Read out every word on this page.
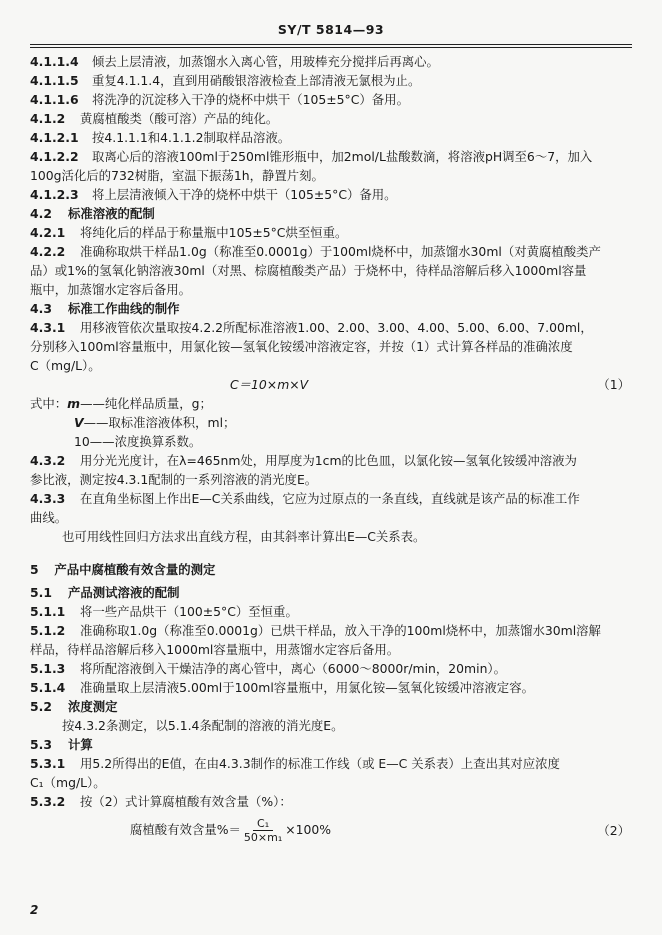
SY/T 5814—93
4.1.1.4 倾去上层清液，加蒸馏水入离心管，用玻棒充分搅拌后再离心。
4.1.1.5 重复4.1.1.4，直到用硝酸银溶液检查上部清液无氯根为止。
4.1.1.6 将洗净的沉淀移入干净的烧杯中烘干（105±5°C）备用。
4.1.2 黄腐植酸类（酸可溶）产品的纯化。
4.1.2.1 按4.1.1.1和4.1.1.2制取样品溶液。
4.1.2.2 取离心后的溶液100ml于250ml锥形瓶中，加2mol/L盐酸数滴，将溶液pH调至6～7，加入
100g活化后的732树脂，室温下振荡1h，静置片刻。
4.1.2.3 将上层清液倾入干净的烧杯中烘干（105±5°C）备用。
4.2 标准溶液的配制
4.2.1 将纯化后的样品于称量瓶中105±5°C烘至恒重。
4.2.2 准确称取烘干样品1.0g（称准至0.0001g）于100ml烧杯中，加蒸馏水30ml（对黄腐植酸类产
品）或1%的氢氧化钠溶液30ml（对黑、棕腐植酸类产品）于烧杯中，待样品溶解后移入1000ml容量
瓶中，加蒸馏水定容后备用。
4.3 标准工作曲线的制作
4.3.1 用移液管依次量取按4.2.2所配标准溶液1.00、2.00、3.00、4.00、5.00、6.00、7.00ml，
分别移入100ml容量瓶中，用氯化铵—氢氧化铵缓冲溶液定容，并按（1）式计算各样品的准确浓度
C（mg/L）。
C＝10×m×V	（1）
式中：m——纯化样品质量，g；
V——取标准溶液体积，ml；
10——浓度换算系数。
4.3.2 用分光光度计，在λ=465nm处，用厚度为1cm的比色皿，以氯化铵—氢氧化铵缓冲溶液为
参比液，测定按4.3.1配制的一系列溶液的消光度E。
4.3.3 在直角坐标图上作出E—C关系曲线，它应为过原点的一条直线，直线就是该产品的标准工作
曲线。
也可用线性回归方法求出直线方程，由其斜率计算出E—C关系表。
5 产品中腐植酸有效含量的测定
5.1 产品测试溶液的配制
5.1.1 将一些产品烘干（100±5°C）至恒重。
5.1.2 准确称取1.0g（称准至0.0001g）已烘干样品，放入干净的100ml烧杯中，加蒸馏水30ml溶解
样品，待样品溶解后移入1000ml容量瓶中，用蒸馏水定容后备用。
5.1.3 将所配溶液倒入干燥洁净的离心管中，离心（6000～8000r/min，20min）。
5.1.4 准确量取上层清液5.00ml于100ml容量瓶中，用氯化铵—氢氧化铵缓冲溶液定容。
5.2 浓度测定
按4.3.2条测定，以5.1.4条配制的溶液的消光度E。
5.3 计算
5.3.1 用5.2所得出的E值，在由4.3.3制作的标准工作线（或 E—C 关系表）上查出其对应浓度
C₁（mg/L）。
5.3.2 按（2）式计算腐植酸有效含量（%）：
腐植酸有效含量%＝ $\frac{\text{C₁}}{\text{50×m₁}} \times 100\%$	（2）
2
